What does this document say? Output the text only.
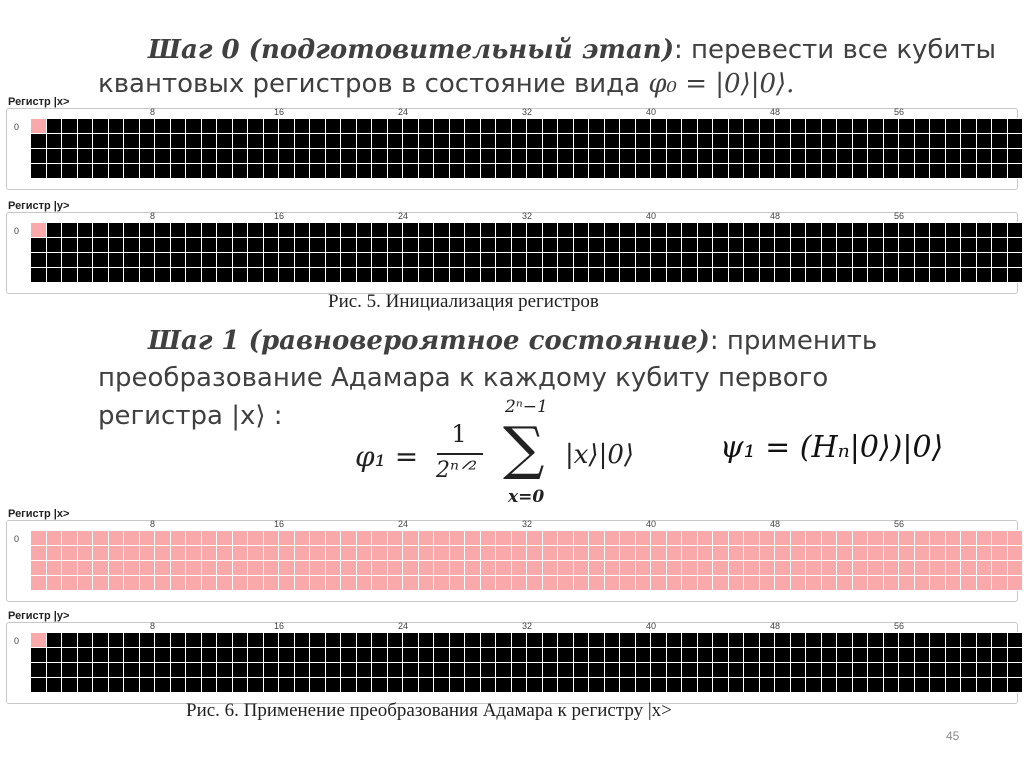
Шаг 0 (подготовительный этап): перевести все кубиты
квантовых регистров в состояние вида φ₀ = |0⟩|0⟩.
Регистр |x>
8	16	24	32	40	48	56
0
Регистр |y>
8	16	24	32	40	48	56
0
Регистр |x>
8	16	24	32	40	48	56
0
Регистр |y>
8	16	24	32	40	48	56
0
Рис. 5. Инициализация регистров
Шаг 1 (равновероятное состояние): применить
преобразование Адамара к каждому кубиту первого
регистра |x⟩ :
φ₁ =
1
2ⁿᐟ²
2ⁿ−1
∑
x=0
|x⟩|0⟩	ψ₁ = (Hₙ|0⟩)|0⟩
Рис. 6. Применение преобразования Адамара к регистру |x>
45
